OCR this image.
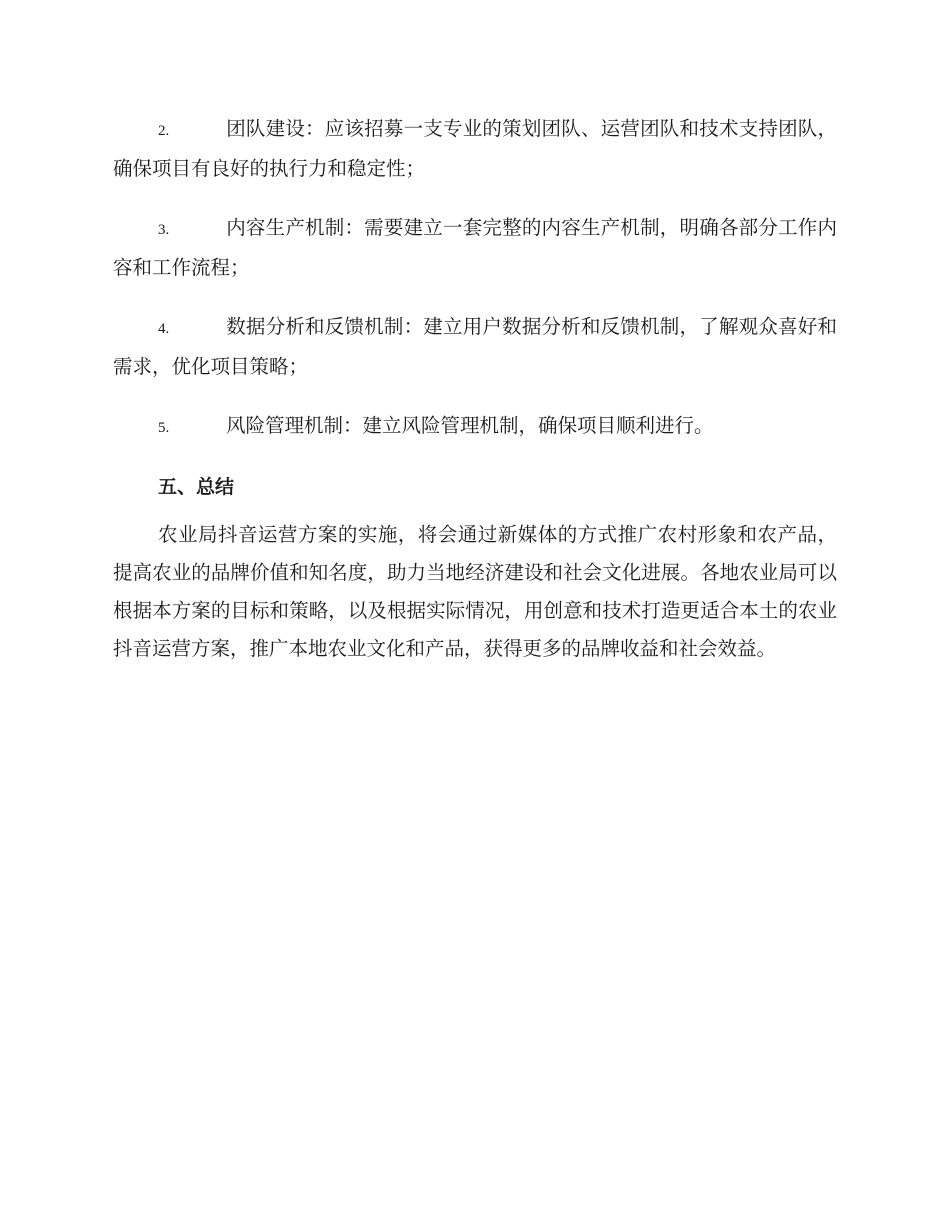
2.	团队建设：应该招募一支专业的策划团队、运营团队和技术支持团队，确保项目有良好的执行力和稳定性；

3.	内容生产机制：需要建立一套完整的内容生产机制，明确各部分工作内容和工作流程；

4.	数据分析和反馈机制：建立用户数据分析和反馈机制，了解观众喜好和需求，优化项目策略；

5.	风险管理机制：建立风险管理机制，确保项目顺利进行。

五、总结

农业局抖音运营方案的实施，将会通过新媒体的方式推广农村形象和农产品，提高农业的品牌价值和知名度，助力当地经济建设和社会文化进展。各地农业局可以根据本方案的目标和策略，以及根据实际情况，用创意和技术打造更适合本土的农业抖音运营方案，推广本地农业文化和产品，获得更多的品牌收益和社会效益。
